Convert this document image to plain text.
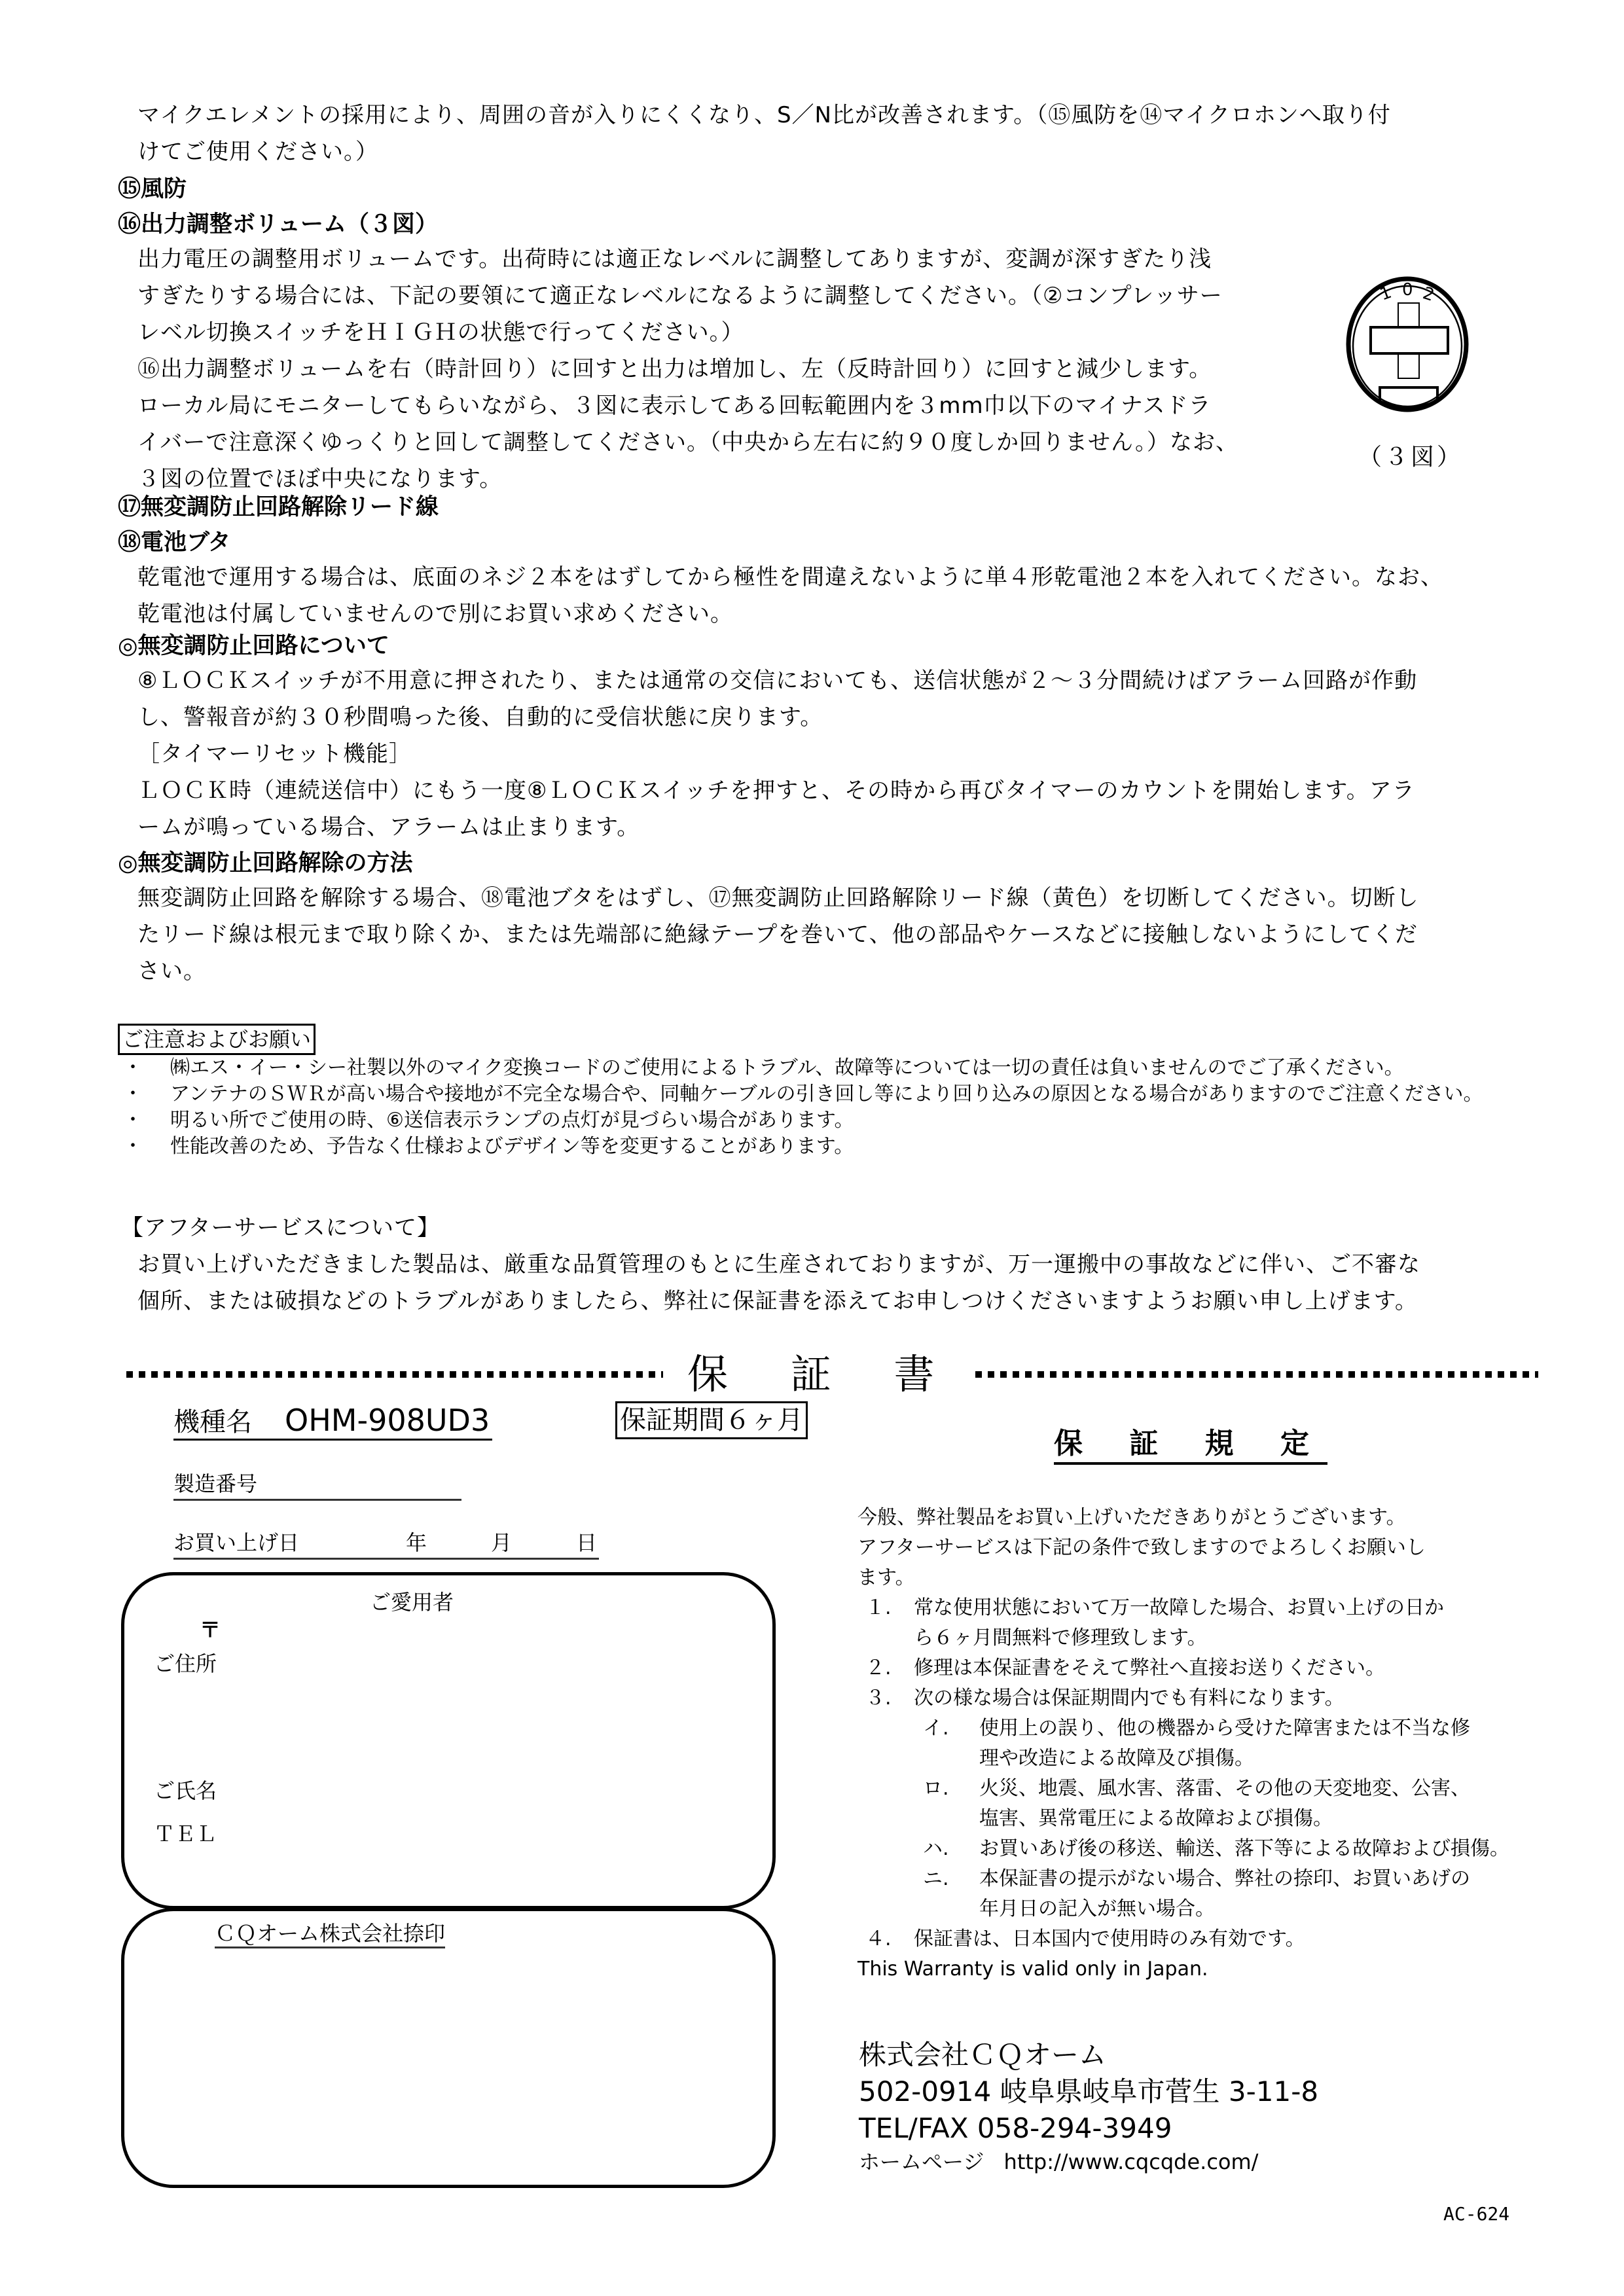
マイクエレメントの採用により、周囲の音が入りにくくなり、S／N比が改善されます。（⑮風防を⑭マイクロホンへ取り付
けてご使用ください。）
⑮風防
⑯出力調整ボリューム（３図）
出力電圧の調整用ボリュームです。出荷時には適正なレベルに調整してありますが、変調が深すぎたり浅
すぎたりする場合には、下記の要領にて適正なレベルになるように調整してください。（②コンプレッサー
レベル切換スイッチをＨＩＧＨの状態で行ってください。）
⑯出力調整ボリュームを右（時計回り）に回すと出力は増加し、左（反時計回り）に回すと減少します。
ローカル局にモニターしてもらいながら、３図に表示してある回転範囲内を３mm巾以下のマイナスドラ
イバーで注意深くゆっくりと回して調整してください。（中央から左右に約９０度しか回りません。）なお、
３図の位置でほぼ中央になります。
1 0 2
（３図）
⑰無変調防止回路解除リード線
⑱電池ブタ
乾電池で運用する場合は、底面のネジ２本をはずしてから極性を間違えないように単４形乾電池２本を入れてください。なお、
乾電池は付属していませんので別にお買い求めください。
◎無変調防止回路について
⑧ＬＯＣＫスイッチが不用意に押されたり、または通常の交信においても、送信状態が２～３分間続けばアラーム回路が作動
し、警報音が約３０秒間鳴った後、自動的に受信状態に戻ります。
［タイマーリセット機能］
ＬＯＣＫ時（連続送信中）にもう一度⑧ＬＯＣＫスイッチを押すと、その時から再びタイマーのカウントを開始します。アラ
ームが鳴っている場合、アラームは止まります。
◎無変調防止回路解除の方法
無変調防止回路を解除する場合、⑱電池ブタをはずし、⑰無変調防止回路解除リード線（黄色）を切断してください。切断し
たリード線は根元まで取り除くか、または先端部に絶縁テープを巻いて、他の部品やケースなどに接触しないようにしてくだ
さい。
ご注意およびお願い
・	㈱エス・イー・シー社製以外のマイク変換コードのご使用によるトラブル、故障等については一切の責任は負いませんのでご了承ください。
・	アンテナのＳＷＲが高い場合や接地が不完全な場合や、同軸ケーブルの引き回し等により回り込みの原因となる場合がありますのでご注意ください。
・	明るい所でご使用の時、⑥送信表示ランプの点灯が見づらい場合があります。
・	性能改善のため、予告なく仕様およびデザイン等を変更することがあります。
【アフターサービスについて】
お買い上げいただきました製品は、厳重な品質管理のもとに生産されておりますが、万一運搬中の事故などに伴い、ご不審な
個所、または破損などのトラブルがありましたら、弊社に保証書を添えてお申しつけくださいますようお願い申し上げます。
保 証 書
機種名 OHM-908UD3	保証期間６ヶ月
製造番号
お買い上げ日	年	月	日
ご愛用者
〒
ご住所
ご氏名
ＴＥＬ
ＣＱオーム株式会社捺印
保 証 規 定
今般、弊社製品をお買い上げいただきありがとうございます。
アフターサービスは下記の条件で致しますのでよろしくお願いし
ます。
１.	常な使用状態において万一故障した場合、お買い上げの日か
ら６ヶ月間無料で修理致します。
２.	修理は本保証書をそえて弊社へ直接お送りください。
３.	次の様な場合は保証期間内でも有料になります。
イ.	使用上の誤り、他の機器から受けた障害または不当な修
理や改造による故障及び損傷。
ロ.	火災、地震、風水害、落雷、その他の天変地変、公害、
塩害、異常電圧による故障および損傷。
ハ.	お買いあげ後の移送、輸送、落下等による故障および損傷。
ニ.	本保証書の提示がない場合、弊社の捺印、お買いあげの
年月日の記入が無い場合。
４.	保証書は、日本国内で使用時のみ有効です。
This Warranty is valid only in Japan.
株式会社ＣＱオーム
502-0914 岐阜県岐阜市菅生 3-11-8
TEL/FAX 058-294-3949
ホームページ http://www.cqcqde.com/
AC-624
